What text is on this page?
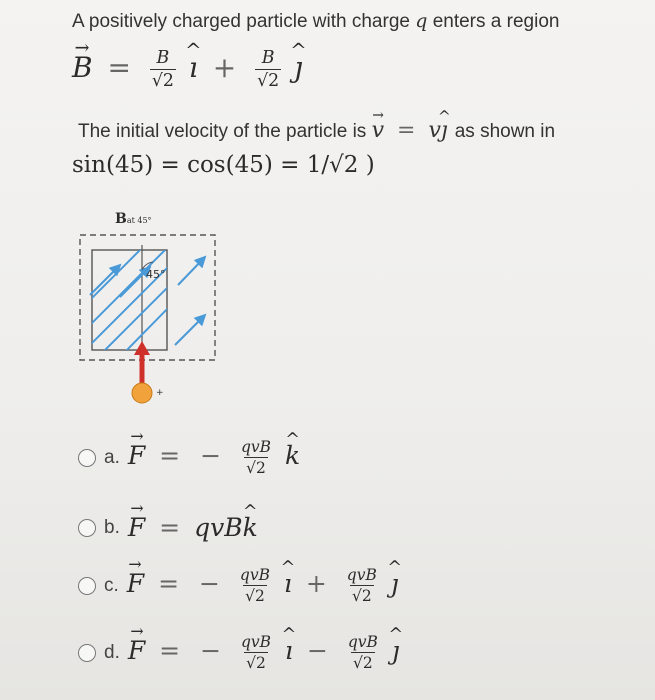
A positively charged particle with charge q enters a region
→ $B = \frac{B}{√2}$ ^ ı + $\frac{B}{√2}$ ^ ȷ
The initial velocity of the particle is → v = v^ ȷ as shown in
sin(45) = cos(45) = 1/√2 )
Bat 45°
45°
+
a. → F = − $\frac{\text{qvB}}{√2}$ ^ k
b. → F = qvB^ k
c. → F = − $\frac{\text{qvB}}{√2}$ ^ ı + $\frac{\text{qvB}}{√2}$ ^ ȷ
d. → F = − $\frac{\text{qvB}}{√2}$ ^ ı − $\frac{\text{qvB}}{√2}$ ^ ȷ
